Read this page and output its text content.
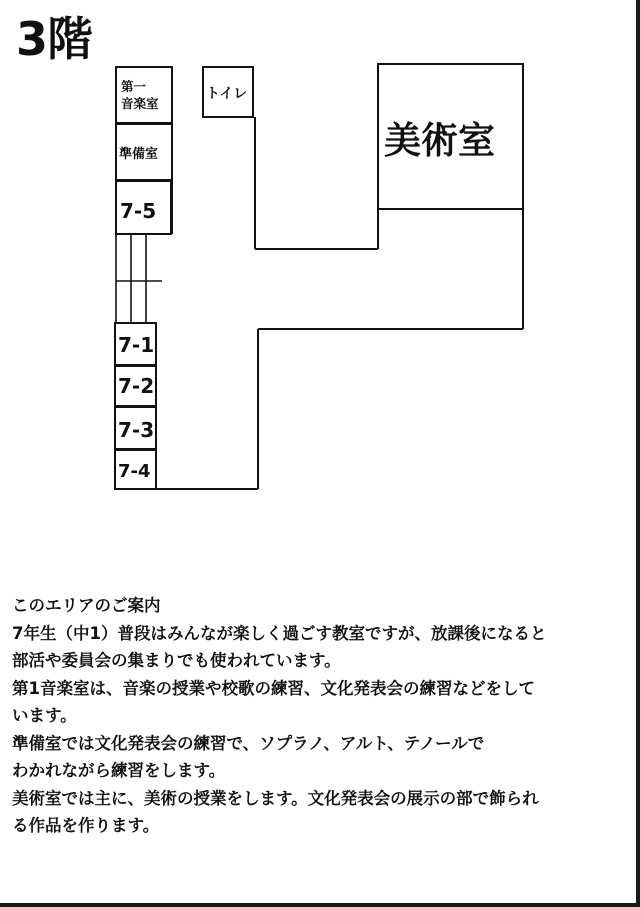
3階
第一
音楽室
準備室
7-5
7-1
7-2
7-3
7-4
トイレ
美術室

このエリアのご案内

7年生（中1）普段はみんなが楽しく過ごす教室ですが、放課後になると
部活や委員会の集まりでも使われています。

第1音楽室は、音楽の授業や校歌の練習、文化発表会の練習などをして
います。

準備室では文化発表会の練習で、ソプラノ、アルト、テノールで
わかれながら練習をします。

美術室では主に、美術の授業をします。文化発表会の展示の部で飾られ
る作品を作ります。
